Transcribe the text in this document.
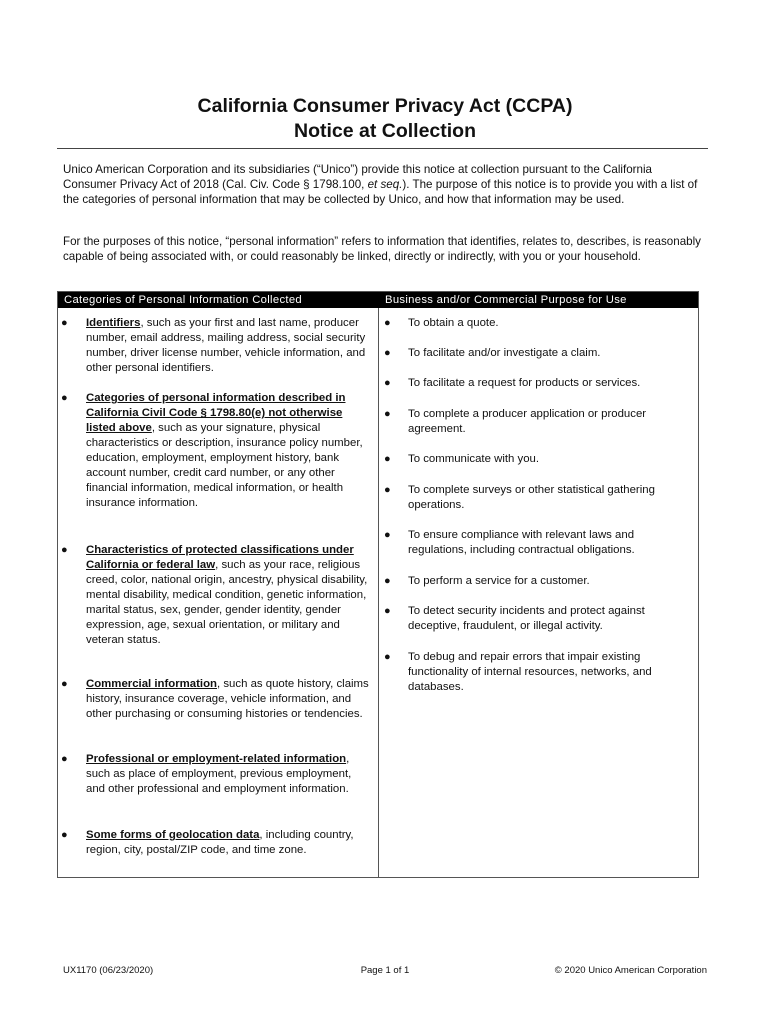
California Consumer Privacy Act (CCPA)
Notice at Collection
Unico American Corporation and its subsidiaries (“Unico”) provide this notice at collection pursuant to the California Consumer Privacy Act of 2018 (Cal. Civ. Code § 1798.100, et seq.). The purpose of this notice is to provide you with a list of the categories of personal information that may be collected by Unico, and how that information may be used.
For the purposes of this notice, “personal information” refers to information that identifies, relates to, describes, is reasonably capable of being associated with, or could reasonably be linked, directly or indirectly, with you or your household.
Categories of Personal Information Collected	Business and/or Commercial Purpose for Use
● Identifiers, such as your first and last name, producer number, email address, mailing address, social security number, driver license number, vehicle information, and other personal identifiers.
● Categories of personal information described in California Civil Code § 1798.80(e) not otherwise listed above, such as your signature, physical characteristics or description, insurance policy number, education, employment, employment history, bank account number, credit card number, or any other financial information, medical information, or health insurance information.
● Characteristics of protected classifications under California or federal law, such as your race, religious creed, color, national origin, ancestry, physical disability, mental disability, medical condition, genetic information, marital status, sex, gender, gender identity, gender expression, age, sexual orientation, or military and veteran status.
● Commercial information, such as quote history, claims history, insurance coverage, vehicle information, and other purchasing or consuming histories or tendencies.
● Professional or employment-related information, such as place of employment, previous employment, and other professional and employment information.
● Some forms of geolocation data, including country, region, city, postal/ZIP code, and time zone.
● To obtain a quote.
● To facilitate and/or investigate a claim.
● To facilitate a request for products or services.
● To complete a producer application or producer agreement.
● To communicate with you.
● To complete surveys or other statistical gathering operations.
● To ensure compliance with relevant laws and regulations, including contractual obligations.
● To perform a service for a customer.
● To detect security incidents and protect against deceptive, fraudulent, or illegal activity.
● To debug and repair errors that impair existing functionality of internal resources, networks, and databases.
UX1170 (06/23/2020)	Page 1 of 1	© 2020 Unico American Corporation
